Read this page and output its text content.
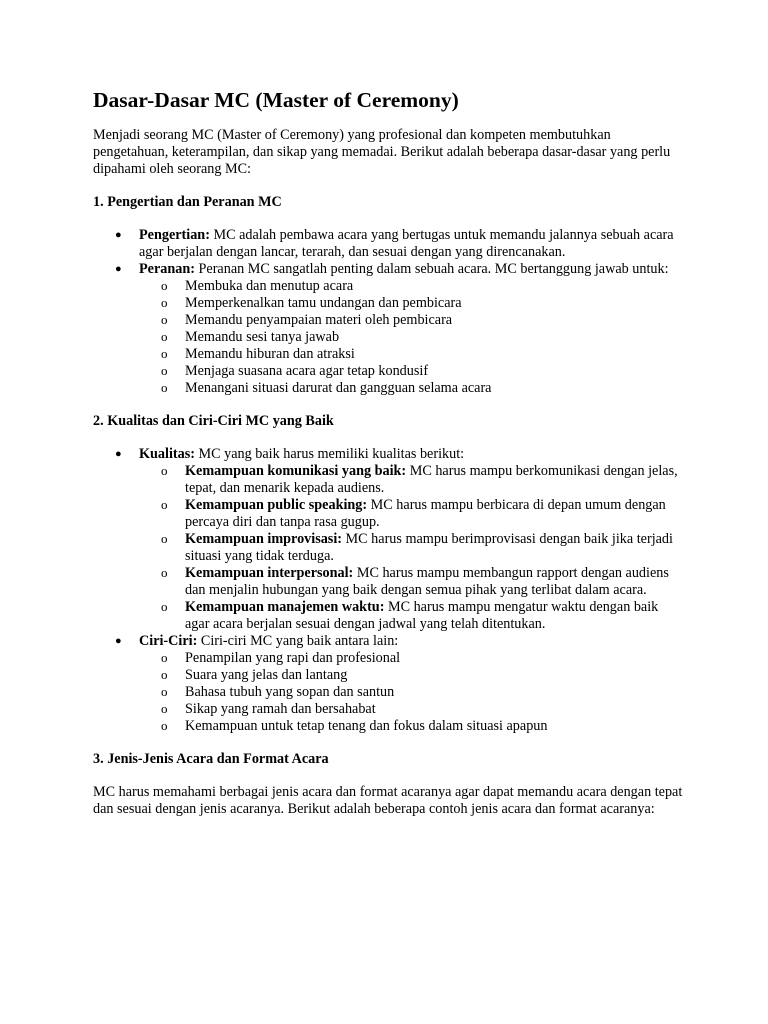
Dasar-Dasar MC (Master of Ceremony)

Menjadi seorang MC (Master of Ceremony) yang profesional dan kompeten membutuhkan pengetahuan, keterampilan, dan sikap yang memadai. Berikut adalah beberapa dasar-dasar yang perlu dipahami oleh seorang MC:

1. Pengertian dan Peranan MC
● Pengertian: MC adalah pembawa acara yang bertugas untuk memandu jalannya sebuah acara agar berjalan dengan lancar, terarah, dan sesuai dengan yang direncanakan.
● Peranan: Peranan MC sangatlah penting dalam sebuah acara. MC bertanggung jawab untuk:
o Membuka dan menutup acara
o Memperkenalkan tamu undangan dan pembicara
o Memandu penyampaian materi oleh pembicara
o Memandu sesi tanya jawab
o Memandu hiburan dan atraksi
o Menjaga suasana acara agar tetap kondusif
o Menangani situasi darurat dan gangguan selama acara
2. Kualitas dan Ciri-Ciri MC yang Baik
● Kualitas: MC yang baik harus memiliki kualitas berikut:
o Kemampuan komunikasi yang baik: MC harus mampu berkomunikasi dengan jelas, tepat, dan menarik kepada audiens.
o Kemampuan public speaking: MC harus mampu berbicara di depan umum dengan percaya diri dan tanpa rasa gugup.
o Kemampuan improvisasi: MC harus mampu berimprovisasi dengan baik jika terjadi situasi yang tidak terduga.
o Kemampuan interpersonal: MC harus mampu membangun rapport dengan audiens dan menjalin hubungan yang baik dengan semua pihak yang terlibat dalam acara.
o Kemampuan manajemen waktu: MC harus mampu mengatur waktu dengan baik agar acara berjalan sesuai dengan jadwal yang telah ditentukan.
● Ciri-Ciri: Ciri-ciri MC yang baik antara lain:
o Penampilan yang rapi dan profesional
o Suara yang jelas dan lantang
o Bahasa tubuh yang sopan dan santun
o Sikap yang ramah dan bersahabat
o Kemampuan untuk tetap tenang dan fokus dalam situasi apapun
3. Jenis-Jenis Acara dan Format Acara

MC harus memahami berbagai jenis acara dan format acaranya agar dapat memandu acara dengan tepat dan sesuai dengan jenis acaranya. Berikut adalah beberapa contoh jenis acara dan format acaranya:
